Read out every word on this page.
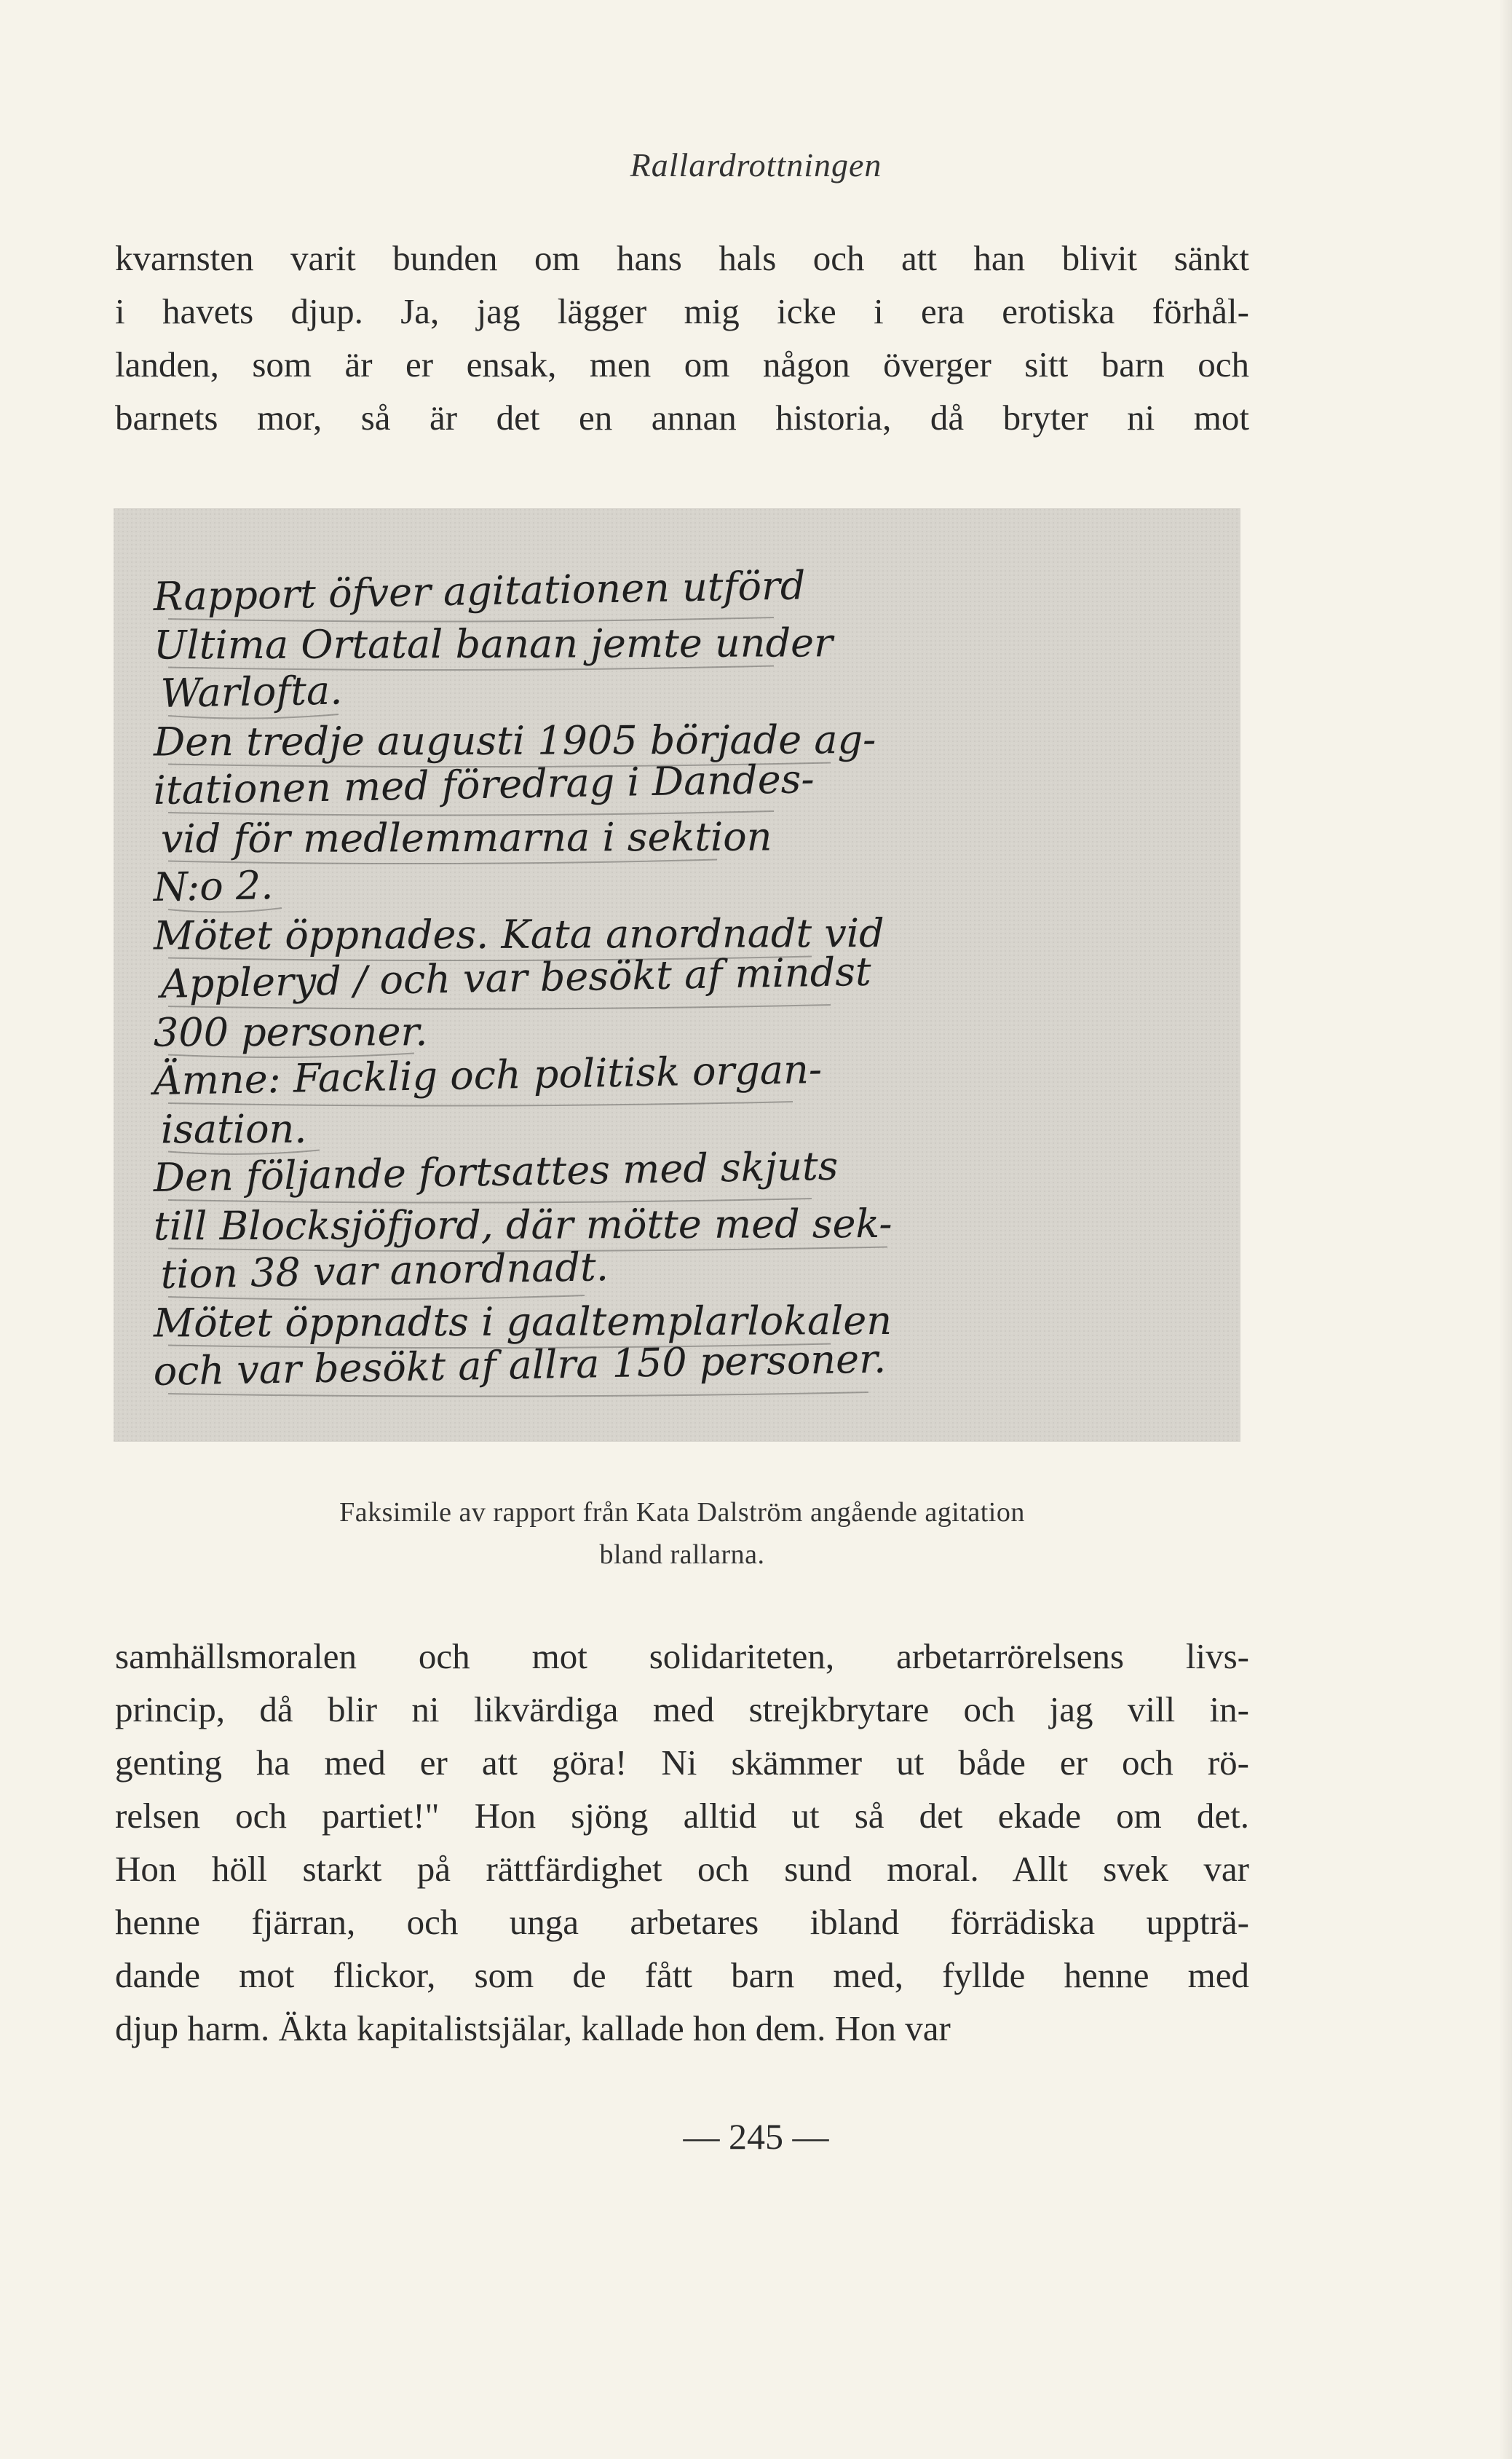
Rallardrottningen
kvarnsten varit bunden om hans hals och att han blivit sänkt
i havets djup. Ja, jag lägger mig icke i era erotiska förhål-
landen, som är er ensak, men om någon överger sitt barn och
barnets mor, så är det en annan historia, då bryter ni mot
Rapport öfver agitationen utförd
Ultima Ortatal banan jemte under
Warlofta.
Den tredje augusti 1905 började ag-
itationen med föredrag i Dandes-
vid för medlemmarna i sektion
N:o 2.
Mötet öppnades. Kata anordnadt vid
Appleryd / och var besökt af mindst
300 personer.
Ämne: Facklig och politisk organ-
isation.
Den följande fortsattes med skjuts
till Blocksjöfjord, där mötte med sek-
tion 38 var anordnadt.
Mötet öppnadts i gaaltemplarlokalen
och var besökt af allra 150 personer.
Faksimile av rapport från Kata Dalström angående agitation
bland rallarna.
samhällsmoralen och mot solidariteten, arbetarrörelsens livs-
princip, då blir ni likvärdiga med strejkbrytare och jag vill in-
genting ha med er att göra! Ni skämmer ut både er och rö-
relsen och partiet!" Hon sjöng alltid ut så det ekade om det.
Hon höll starkt på rättfärdighet och sund moral. Allt svek var
henne fjärran, och unga arbetares ibland förrädiska uppträ-
dande mot flickor, som de fått barn med, fyllde henne med
djup harm. Äkta kapitalistsjälar, kallade hon dem. Hon var
— 245 —
